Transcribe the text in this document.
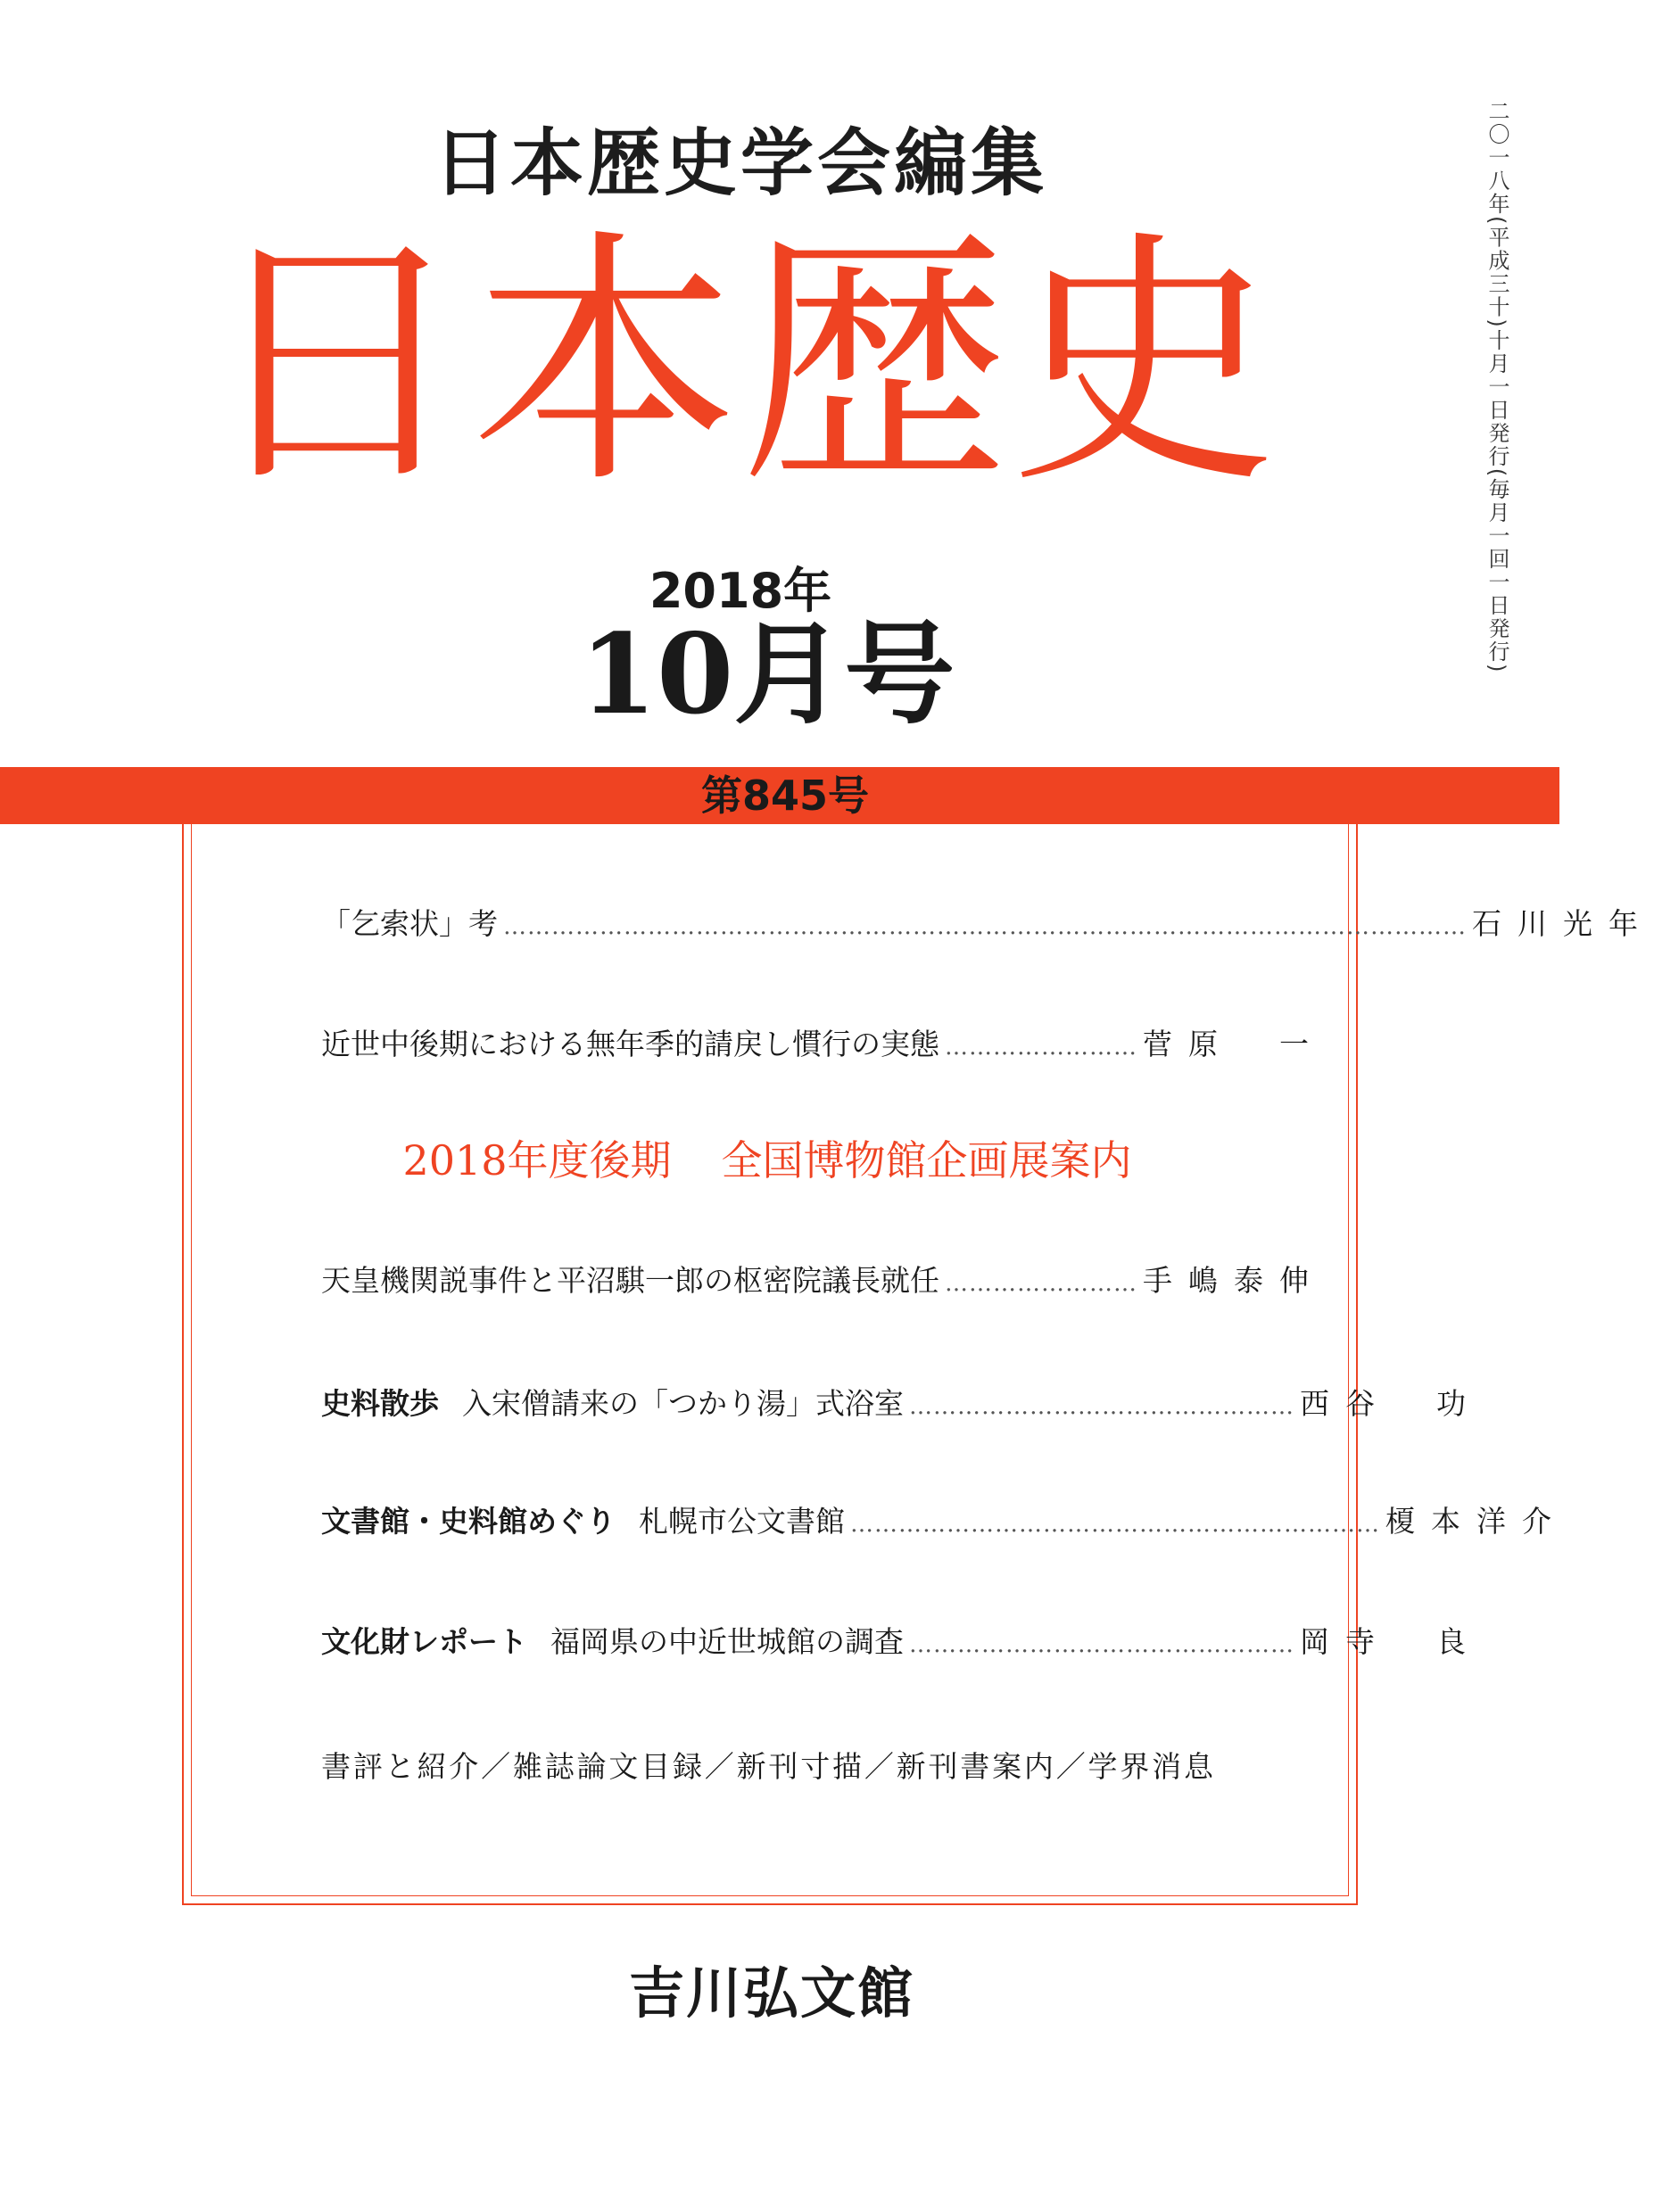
日本歴史学会編集
日本歴史
2018年
10月号
二〇一八年(平成三十)十月一日発行(毎月一回一日発行)
第845号
「乞索状」考 ………………………………………………………………………………………………………… 石川光年
近世中後期における無年季的請戻し慣行の実態 …………………… 菅原　一
2018年度後期 全国博物館企画展案内
天皇機関説事件と平沼騏一郎の枢密院議長就任 …………………… 手嶋泰伸
史料散歩 入宋僧請来の「つかり湯」式浴室 ………………………………………… 西谷　功
文書館・史料館めぐり 札幌市公文書館 ………………………………………………………… 榎本洋介
文化財レポート 福岡県の中近世城館の調査 ………………………………………… 岡寺　良
書評と紹介／雑誌論文目録／新刊寸描／新刊書案内／学界消息
吉川弘文館
